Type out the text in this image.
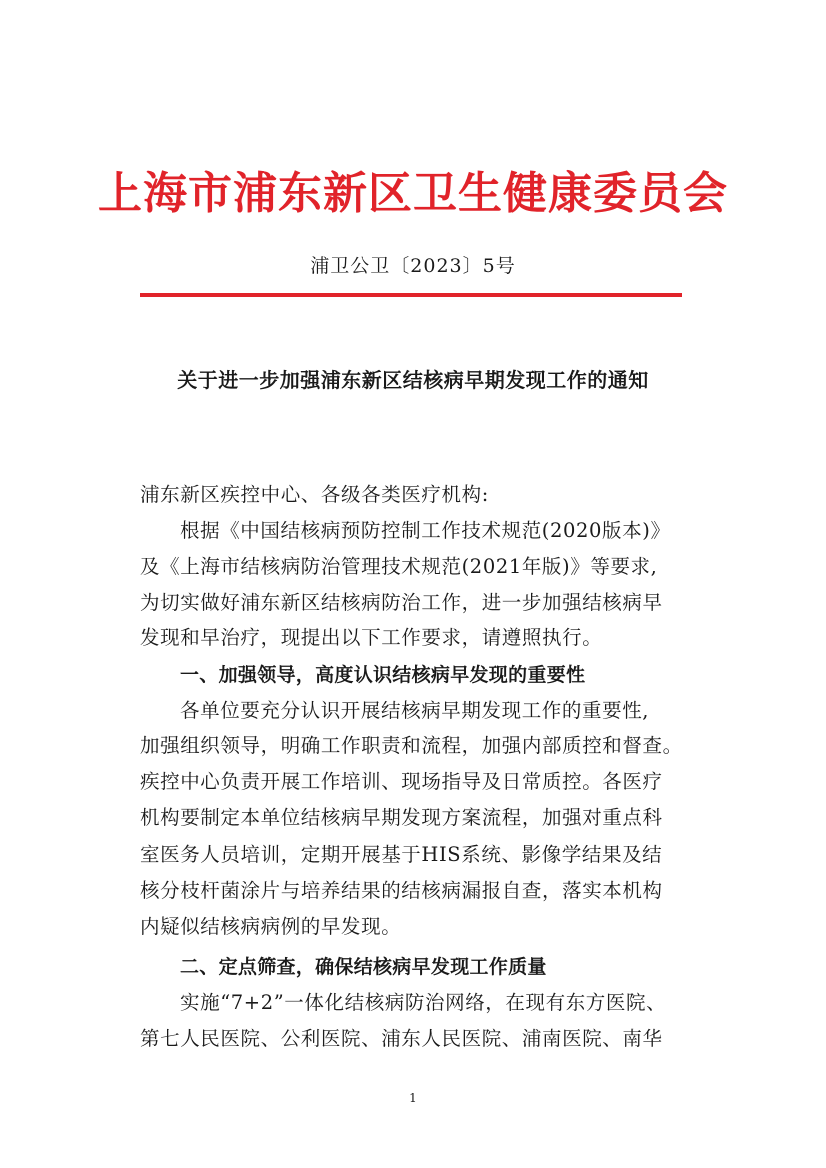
上海市浦东新区卫生健康委员会
浦卫公卫〔2023〕5号
关于进一步加强浦东新区结核病早期发现工作的通知
浦东新区疾控中心、各级各类医疗机构:
根据《中国结核病预防控制工作技术规范(2020版本)》
及《上海市结核病防治管理技术规范(2021年版)》等要求,
为切实做好浦东新区结核病防治工作，进一步加强结核病早
发现和早治疗，现提出以下工作要求，请遵照执行。
一、加强领导，高度认识结核病早发现的重要性
各单位要充分认识开展结核病早期发现工作的重要性,
加强组织领导，明确工作职责和流程，加强内部质控和督查。
疾控中心负责开展工作培训、现场指导及日常质控。各医疗
机构要制定本单位结核病早期发现方案流程，加强对重点科
室医务人员培训，定期开展基于HIS系统、影像学结果及结
核分枝杆菌涂片与培养结果的结核病漏报自查，落实本机构
内疑似结核病病例的早发现。
二、定点筛查，确保结核病早发现工作质量
实施“7+2”一体化结核病防治网络，在现有东方医院、
第七人民医院、公利医院、浦东人民医院、浦南医院、南华
1
